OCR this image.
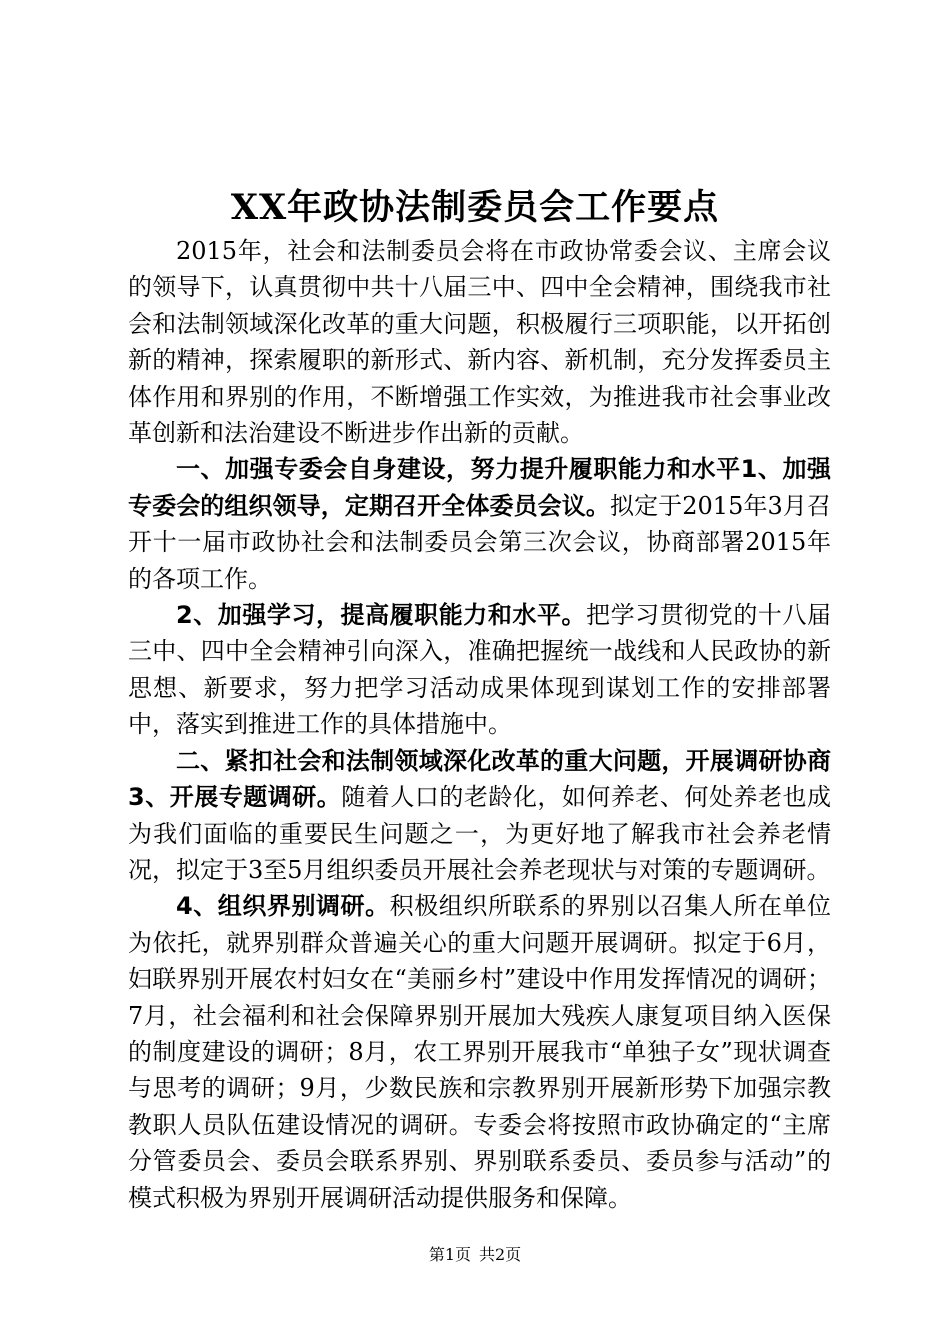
XX年政协法制委员会工作要点

2015年，社会和法制委员会将在市政协常委会议、主席会议的领导下，认真贯彻中共十八届三中、四中全会精神，围绕我市社会和法制领域深化改革的重大问题，积极履行三项职能，以开拓创新的精神，探索履职的新形式、新内容、新机制，充分发挥委员主体作用和界别的作用，不断增强工作实效，为推进我市社会事业改革创新和法治建设不断进步作出新的贡献。

一、加强专委会自身建设，努力提升履职能力和水平1、加强专委会的组织领导，定期召开全体委员会议。拟定于2015年3月召开十一届市政协社会和法制委员会第三次会议，协商部署2015年的各项工作。

2、加强学习，提高履职能力和水平。把学习贯彻党的十八届三中、四中全会精神引向深入，准确把握统一战线和人民政协的新思想、新要求，努力把学习活动成果体现到谋划工作的安排部署中，落实到推进工作的具体措施中。

二、紧扣社会和法制领域深化改革的重大问题，开展调研协商3、开展专题调研。随着人口的老龄化，如何养老、何处养老也成为我们面临的重要民生问题之一，为更好地了解我市社会养老情况，拟定于3至5月组织委员开展社会养老现状与对策的专题调研。

4、组织界别调研。积极组织所联系的界别以召集人所在单位为依托，就界别群众普遍关心的重大问题开展调研。拟定于6月，妇联界别开展农村妇女在“美丽乡村”建设中作用发挥情况的调研；7月，社会福利和社会保障界别开展加大残疾人康复项目纳入医保的制度建设的调研；8月，农工界别开展我市“单独子女”现状调查与思考的调研；9月，少数民族和宗教界别开展新形势下加强宗教教职人员队伍建设情况的调研。专委会将按照市政协确定的“主席分管委员会、委员会联系界别、界别联系委员、委员参与活动”的模式积极为界别开展调研活动提供服务和保障。

第1页 共2页
